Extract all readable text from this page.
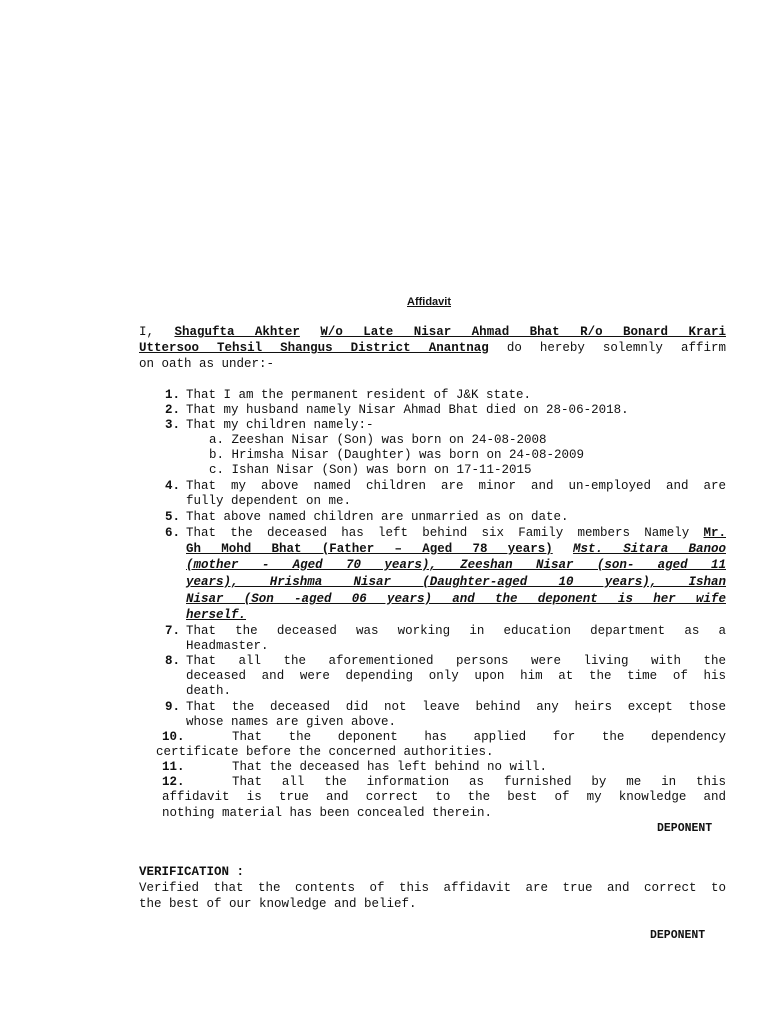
Affidavit
I, Shagufta Akhter W/o Late Nisar Ahmad Bhat R/o Bonard Krari
Uttersoo Tehsil Shangus District Anantnag do hereby solemnly affirm
on oath as under:-
1. That I am the permanent resident of J&K state.
2. That my husband namely Nisar Ahmad Bhat died on 28-06-2018.
3. That my children namely:-
a. Zeeshan Nisar (Son) was born on 24-08-2008
b. Hrimsha Nisar (Daughter) was born on 24-08-2009
c. Ishan Nisar (Son) was born on 17-11-2015
4. That my above named children are minor and un-employed and are
fully dependent on me.
5. That above named children are unmarried as on date.
6. That the deceased has left behind six Family members Namely Mr.
Gh Mohd Bhat (Father – Aged 78 years) Mst. Sitara Banoo
(mother - Aged 70 years), Zeeshan Nisar (son- aged 11
years), Hrishma Nisar (Daughter-aged 10 years), Ishan
Nisar (Son -aged 06 years) and the deponent is her wife
herself.
7. That the deceased was working in education department as a
Headmaster.
8. That all the aforementioned persons were living with the
deceased and were depending only upon him at the time of his
death.
9. That the deceased did not leave behind any heirs except those
whose names are given above.
10.	That the deponent has applied for the dependency
certificate before the concerned authorities.
11.	That the deceased has left behind no will.
12.	That all the information as furnished by me in this
affidavit is true and correct to the best of my knowledge and
nothing material has been concealed therein.
DEPONENT
VERIFICATION :
Verified that the contents of this affidavit are true and correct to
the best of our knowledge and belief.
DEPONENT
